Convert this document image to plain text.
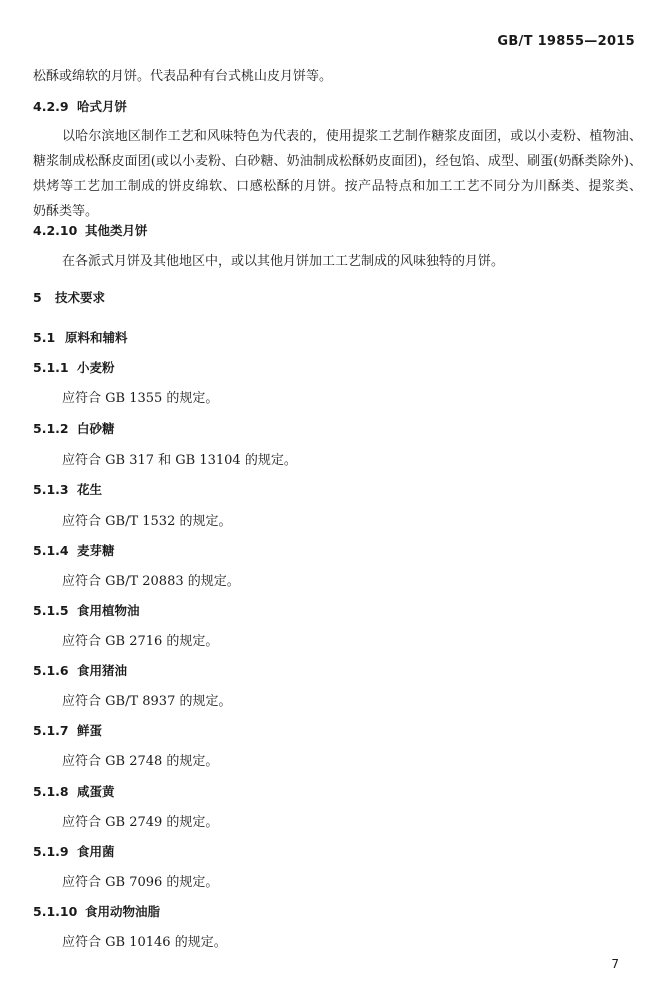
GB/T 19855—2015
松酥或绵软的月饼。代表品种有台式桃山皮月饼等。
4.2.9 哈式月饼
以哈尔滨地区制作工艺和风味特色为代表的，使用提浆工艺制作糖浆皮面团，或以小麦粉、植物油、
糖浆制成松酥皮面团(或以小麦粉、白砂糖、奶油制成松酥奶皮面团)，经包馅、成型、刷蛋(奶酥类除外)、
烘烤等工艺加工制成的饼皮绵软、口感松酥的月饼。按产品特点和加工工艺不同分为川酥类、提浆类、
奶酥类等。
4.2.10 其他类月饼
在各派式月饼及其他地区中，或以其他月饼加工工艺制成的风味独特的月饼。
5 技术要求
5.1 原料和辅料
5.1.1 小麦粉
应符合 GB 1355 的规定。
5.1.2 白砂糖
应符合 GB 317 和 GB 13104 的规定。
5.1.3 花生
应符合 GB/T 1532 的规定。
5.1.4 麦芽糖
应符合 GB/T 20883 的规定。
5.1.5 食用植物油
应符合 GB 2716 的规定。
5.1.6 食用猪油
应符合 GB/T 8937 的规定。
5.1.7 鲜蛋
应符合 GB 2748 的规定。
5.1.8 咸蛋黄
应符合 GB 2749 的规定。
5.1.9 食用菌
应符合 GB 7096 的规定。
5.1.10 食用动物油脂
应符合 GB 10146 的规定。
7
